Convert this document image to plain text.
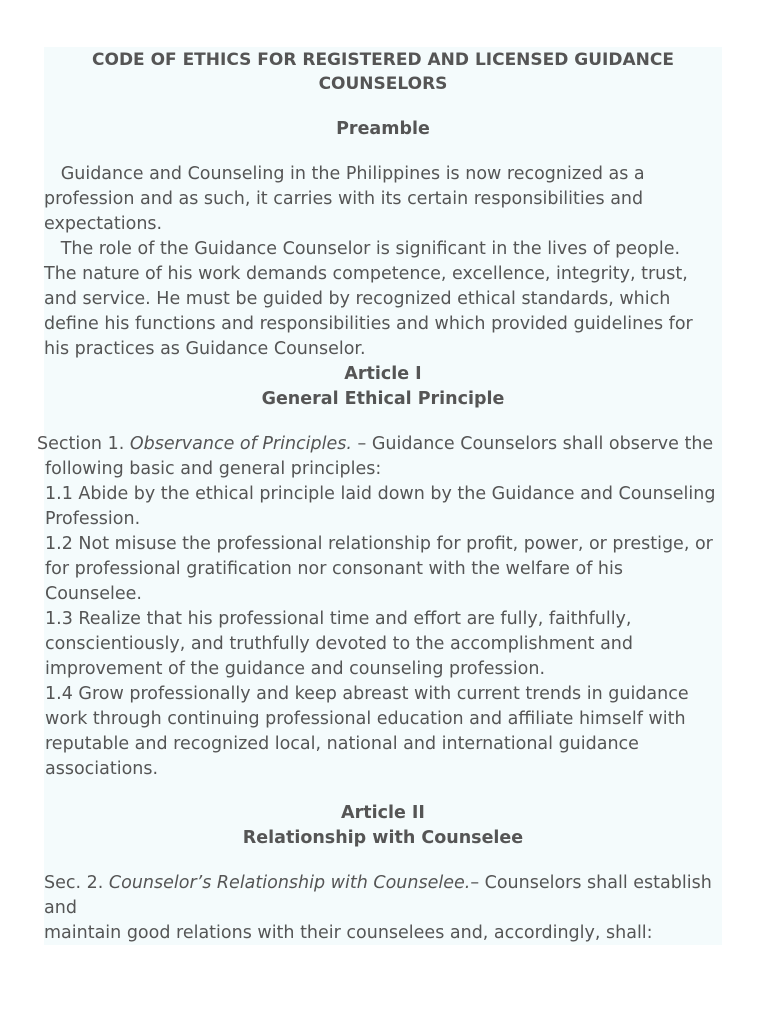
CODE OF ETHICS FOR REGISTERED AND LICENSED GUIDANCE
COUNSELORS
Preamble
Guidance and Counseling in the Philippines is now recognized as a
profession and as such, it carries with its certain responsibilities and
expectations.
The role of the Guidance Counselor is significant in the lives of people.
The nature of his work demands competence, excellence, integrity, trust,
and service. He must be guided by recognized ethical standards, which
define his functions and responsibilities and which provided guidelines for
his practices as Guidance Counselor.
Article I
General Ethical Principle
Section 1. Observance of Principles. – Guidance Counselors shall observe the
following basic and general principles:
1.1 Abide by the ethical principle laid down by the Guidance and Counseling
Profession.
1.2 Not misuse the professional relationship for profit, power, or prestige, or
for professional gratification nor consonant with the welfare of his
Counselee.
1.3 Realize that his professional time and effort are fully, faithfully,
conscientiously, and truthfully devoted to the accomplishment and
improvement of the guidance and counseling profession.
1.4 Grow professionally and keep abreast with current trends in guidance
work through continuing professional education and affiliate himself with
reputable and recognized local, national and international guidance
associations.
Article II
Relationship with Counselee
Sec. 2. Counselor’s Relationship with Counselee.– Counselors shall establish
and
maintain good relations with their counselees and, accordingly, shall:
